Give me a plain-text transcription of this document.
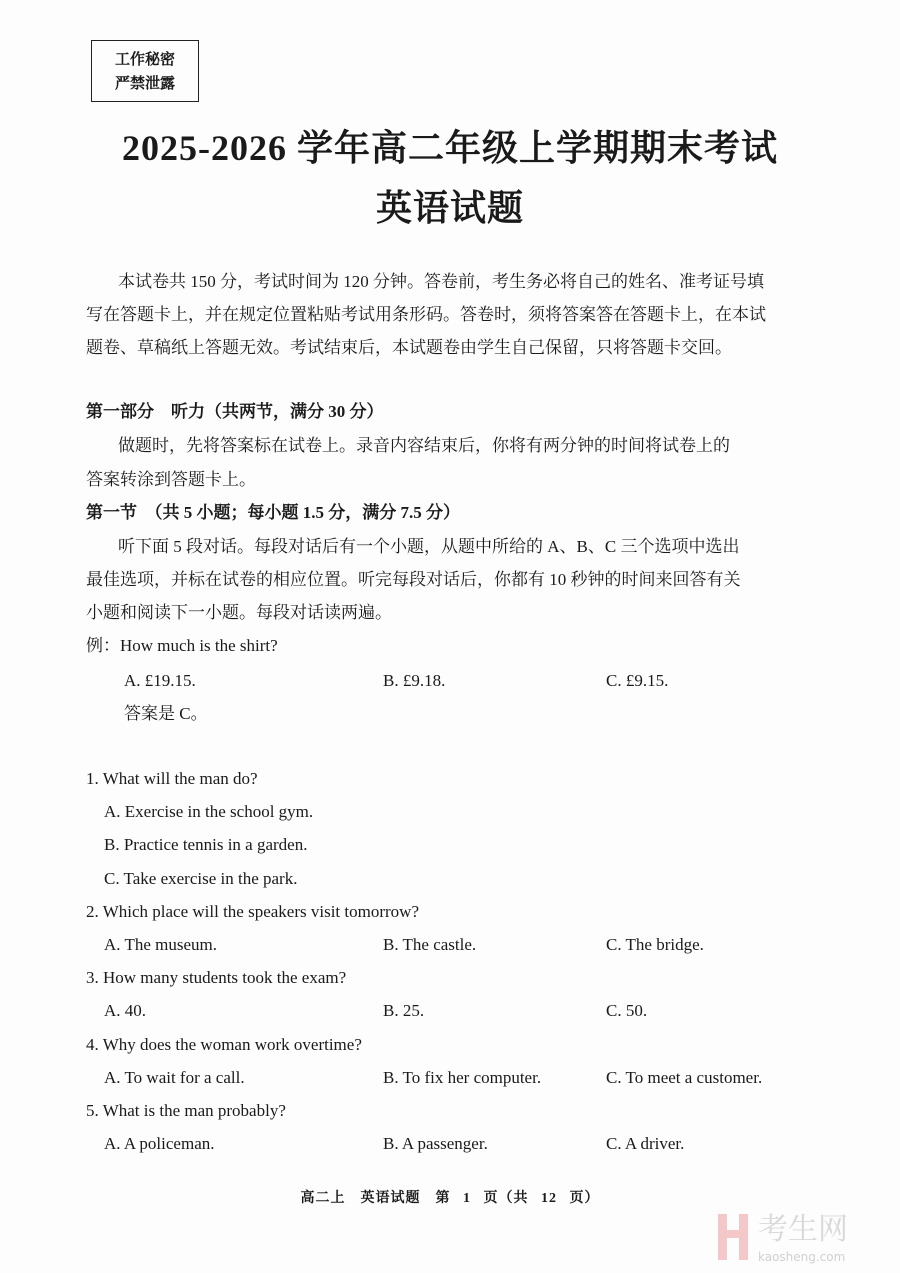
工作秘密
严禁泄露
2025-2026 学年高二年级上学期期末考试
英语试题
本试卷共 150 分，考试时间为 120 分钟。答卷前，考生务必将自己的姓名、准考证号填
写在答题卡上，并在规定位置粘贴考试用条形码。答卷时，须将答案答在答题卡上，在本试
题卷、草稿纸上答题无效。考试结束后，本试题卷由学生自己保留，只将答题卡交回。
第一部分　听力（共两节，满分 30 分）
做题时，先将答案标在试卷上。录音内容结束后，你将有两分钟的时间将试卷上的
答案转涂到答题卡上。
第一节　（共 5 小题；每小题 1.5 分，满分 7.5 分）
听下面 5 段对话。每段对话后有一个小题，从题中所给的 A、B、C 三个选项中选出
最佳选项，并标在试卷的相应位置。听完每段对话后，你都有 10 秒钟的时间来回答有关
小题和阅读下一小题。每段对话读两遍。
例：How much is the shirt?
A. £19.15.	B. £9.18.	C. £9.15.
答案是 C。
1. What will the man do?
A. Exercise in the school gym.
B. Practice tennis in a garden.
C. Take exercise in the park.
2. Which place will the speakers visit tomorrow?
A. The museum.	B. The castle.	C. The bridge.
3. How many students took the exam?
A. 40.	B. 25.	C. 50.
4. Why does the woman work overtime?
A. To wait for a call.	B. To fix her computer.	C. To meet a customer.
5. What is the man probably?
A. A policeman.	B. A passenger.	C. A driver.
高二上　英语试题　第 1 页（共 12 页）
考生网
kaosheng.com
